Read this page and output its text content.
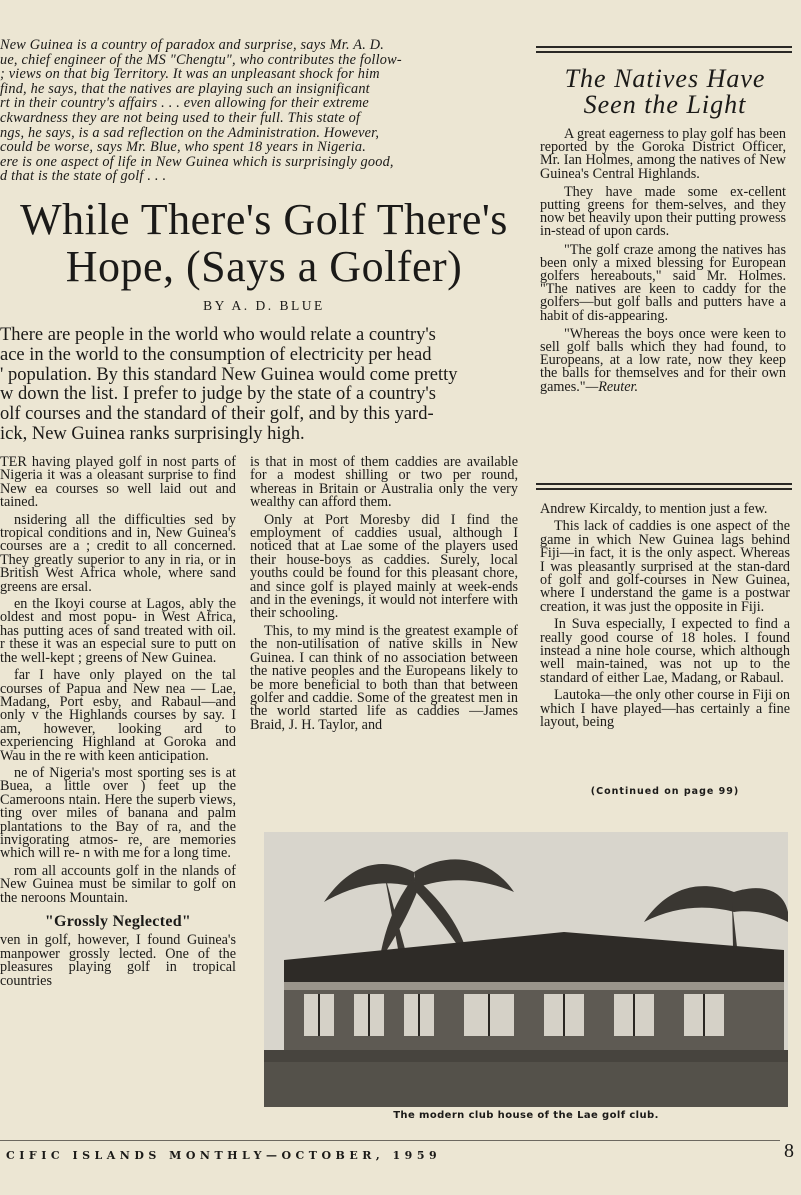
New Guinea is a country of paradox and surprise, says Mr. A. D.
ue, chief engineer of the MS "Chengtu", who contributes the follow-
; views on that big Territory. It was an unpleasant shock for him
find, he says, that the natives are playing such an insignificant
rt in their country's affairs . . . even allowing for their extreme
ckwardness they are not being used to their full. This state of
ngs, he says, is a sad reflection on the Administration. However,
could be worse, says Mr. Blue, who spent 18 years in Nigeria.
ere is one aspect of life in New Guinea which is surprisingly good,
d that is the state of golf . . .
While There's Golf There's
Hope, (Says a Golfer)
BY A. D. BLUE
There are people in the world who would relate a country's
ace in the world to the consumption of electricity per head
' population. By this standard New Guinea would come pretty
w down the list. I prefer to judge by the state of a country's
olf courses and the standard of their golf, and by this yard-
ick, New Guinea ranks surprisingly high.

TER having played golf in nost parts of Nigeria it was a oleasant surprise to find New ea courses so well laid out and tained.

nsidering all the difficulties sed by tropical conditions and in, New Guinea's courses are a ; credit to all concerned. They greatly superior to any in ria, or in British West Africa whole, where sand greens are ersal.

en the Ikoyi course at Lagos, ably the oldest and most popu- in West Africa, has putting aces of sand treated with oil. r these it was an especial sure to putt on the well-kept ; greens of New Guinea.

far I have only played on the tal courses of Papua and New nea — Lae, Madang, Port esby, and Rabaul—and only v the Highlands courses by say. I am, however, looking ard to experiencing Highland at Goroka and Wau in the re with keen anticipation.

ne of Nigeria's most sporting ses is at Buea, a little over ) feet up the Cameroons ntain. Here the superb views, ting over miles of banana and palm plantations to the Bay of ra, and the invigorating atmos- re, are memories which will re- n with me for a long time.

rom all accounts golf in the nlands of New Guinea must be similar to golf on the neroons Mountain.

"Grossly Neglected"

ven in golf, however, I found Guinea's manpower grossly lected. One of the pleasures playing golf in tropical countries

is that in most of them caddies are available for a modest shilling or two per round, whereas in Britain or Australia only the very wealthy can afford them.

Only at Port Moresby did I find the employment of caddies usual, although I noticed that at Lae some of the players used their house-boys as caddies. Surely, local youths could be found for this pleasant chore, and since golf is played mainly at week-ends and in the evenings, it would not interfere with their schooling.

This, to my mind is the greatest example of the non-utilisation of native skills in New Guinea. I can think of no association between the native peoples and the Europeans likely to be more beneficial to both than that between golfer and caddie. Some of the greatest men in the world started life as caddies —James Braid, J. H. Taylor, and

The Natives Have
Seen the Light

A great eagerness to play golf has been reported by the Goroka District Officer, Mr. Ian Holmes, among the natives of New Guinea's Central Highlands.

They have made some ex-cellent putting greens for them-selves, and they now bet heavily upon their putting prowess in-stead of upon cards.

"The golf craze among the natives has been only a mixed blessing for European golfers hereabouts," said Mr. Holmes. "The natives are keen to caddy for the golfers—but golf balls and putters have a habit of dis-appearing.

"Whereas the boys once were keen to sell golf balls which they had found, to Europeans, at a low rate, now they keep the balls for themselves and for their own games."—Reuter.

Andrew Kircaldy, to mention just a few.

This lack of caddies is one aspect of the game in which New Guinea lags behind Fiji—in fact, it is the only aspect. Whereas I was pleasantly surprised at the stan-dard of golf and golf-courses in New Guinea, where I understand the game is a postwar creation, it was just the opposite in Fiji.

In Suva especially, I expected to find a really good course of 18 holes. I found instead a nine hole course, which although well main-tained, was not up to the standard of either Lae, Madang, or Rabaul.

Lautoka—the only other course in Fiji on which I have played—has certainly a fine layout, being

(Continued on page 99)
The modern club house of the Lae golf club.
CIFIC ISLANDS MONTHLY—OCTOBER, 1959	8
